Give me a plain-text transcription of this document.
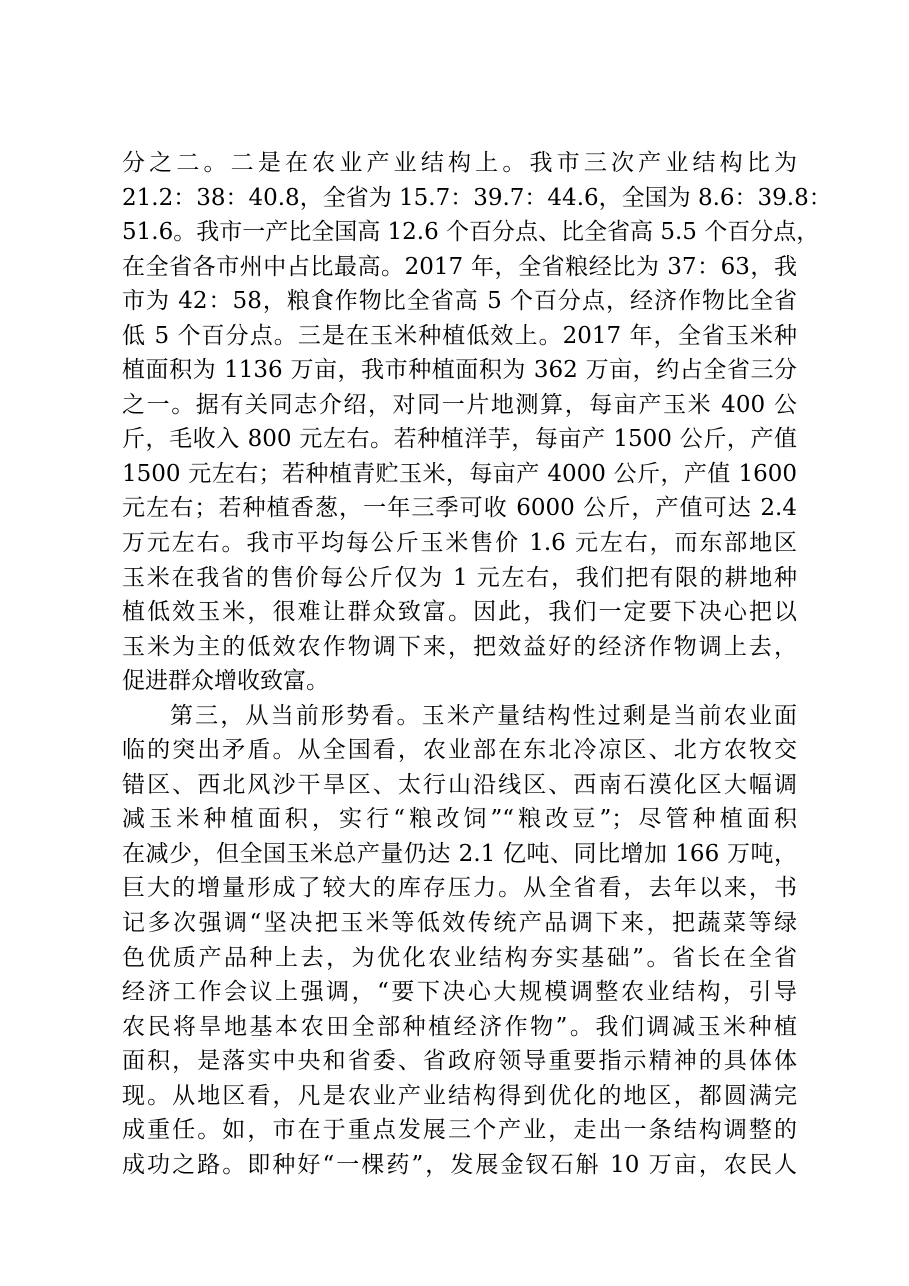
分之二。二是在农业产业结构上。我市三次产业结构比为
21.2：38：40.8，全省为 15.7：39.7：44.6，全国为 8.6：39.8：
51.6。我市一产比全国高 12.6 个百分点、比全省高 5.5 个百分点，
在全省各市州中占比最高。2017 年，全省粮经比为 37：63，我
市为 42：58，粮食作物比全省高 5 个百分点，经济作物比全省
低 5 个百分点。三是在玉米种植低效上。2017 年，全省玉米种
植面积为 1136 万亩，我市种植面积为 362 万亩，约占全省三分
之一。据有关同志介绍，对同一片地测算，每亩产玉米 400 公
斤，毛收入 800 元左右。若种植洋芋，每亩产 1500 公斤，产值
1500 元左右；若种植青贮玉米，每亩产 4000 公斤，产值 1600
元左右；若种植香葱，一年三季可收 6000 公斤，产值可达 2.4
万元左右。我市平均每公斤玉米售价 1.6 元左右，而东部地区
玉米在我省的售价每公斤仅为 1 元左右，我们把有限的耕地种
植低效玉米，很难让群众致富。因此，我们一定要下决心把以
玉米为主的低效农作物调下来，把效益好的经济作物调上去，
促进群众增收致富。
第三，从当前形势看。玉米产量结构性过剩是当前农业面
临的突出矛盾。从全国看，农业部在东北冷凉区、北方农牧交
错区、西北风沙干旱区、太行山沿线区、西南石漠化区大幅调
减玉米种植面积，实行“粮改饲”“粮改豆”；尽管种植面积
在减少，但全国玉米总产量仍达 2.1 亿吨、同比增加 166 万吨，
巨大的增量形成了较大的库存压力。从全省看，去年以来，书
记多次强调“坚决把玉米等低效传统产品调下来，把蔬菜等绿
色优质产品种上去，为优化农业结构夯实基础”。省长在全省
经济工作会议上强调，“要下决心大规模调整农业结构，引导
农民将旱地基本农田全部种植经济作物”。我们调减玉米种植
面积，是落实中央和省委、省政府领导重要指示精神的具体体
现。从地区看，凡是农业产业结构得到优化的地区，都圆满完
成重任。如，市在于重点发展三个产业，走出一条结构调整的
成功之路。即种好“一棵药”，发展金钗石斛 10 万亩，农民人
